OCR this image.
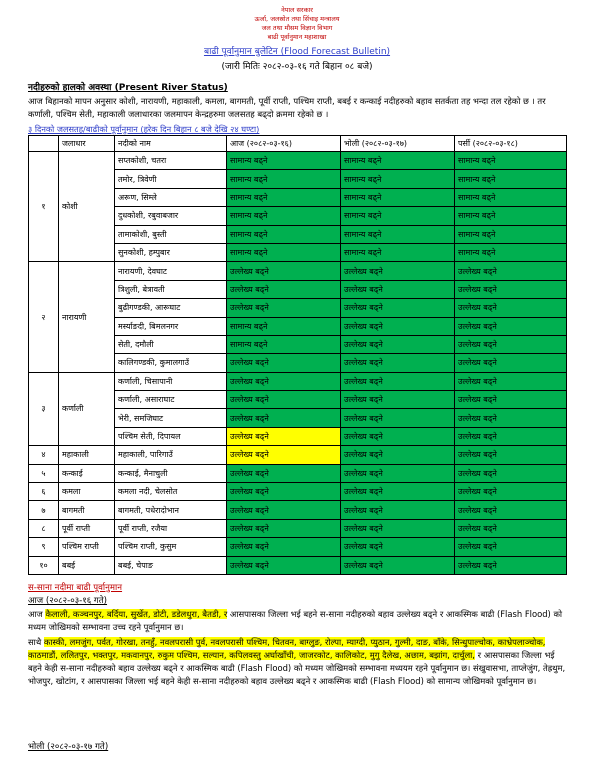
नेपाल सरकार
ऊर्जा, जलस्रोत तथा सिंचाइ मन्त्रालय
जल तथा मौसम विज्ञान विभाग
बाढी पूर्वानुमान महाशाखा
बाढी पूर्वानुमान बुलेटिन (Flood Forecast Bulletin)
(जारी मितिः २०८२-०३-१६ गते बिहान ०८ बजे)
नदीहरुको हालको अवस्था (Present River Status)
आज बिहानको मापन अनुसार कोशी, नारायणी, महाकाली, कमला, बागमती, पूर्वी राप्ती, पश्चिम राप्ती, बबई र कन्काई नदीहरुको बहाव सतर्कता तह भन्दा तल रहेको छ । तर कर्णाली, पश्चिम सेती, महाकाली जलाधारका जलमापन केन्द्रहरुमा जलसतह बढ्दो क्रममा रहेको छ ।
३ दिनको जलसतह/बाढीको पूर्वानुमान (हरेक दिन बिहान ८ बजे देखि २४ घण्टा)
	जलाधार	नदीको नाम	आज (२०८२-०३-१६)	भोली (२०८२-०३-१७)	पर्सी (२०८२-०३-१८)
१	कोशी	सप्तकोशी, चतरा	सामान्य बढ्ने	सामान्य बढ्ने	सामान्य बढ्ने
		तमोर, त्रिवेणी	सामान्य बढ्ने	सामान्य बढ्ने	सामान्य बढ्ने
		अरूण, सिम्ले	सामान्य बढ्ने	सामान्य बढ्ने	सामान्य बढ्ने
		दुधकोशी, रबुवाबजार	सामान्य बढ्ने	सामान्य बढ्ने	सामान्य बढ्ने
		तामाकोशी, बुस्ती	सामान्य बढ्ने	सामान्य बढ्ने	सामान्य बढ्ने
		सुनकोशी, हम्पुबार	सामान्य बढ्ने	सामान्य बढ्ने	सामान्य बढ्ने
२	नारायणी	नारायणी, देवघाट	उल्लेख्य बढ्ने	उल्लेख्य बढ्ने	उल्लेख्य बढ्ने
		त्रिशुली, बेत्रावती	उल्लेख्य बढ्ने	उल्लेख्य बढ्ने	उल्लेख्य बढ्ने
		बुढीगण्डकी, आरूघाट	उल्लेख्य बढ्ने	उल्लेख्य बढ्ने	उल्लेख्य बढ्ने
		मर्स्याङदी, बिमलनगर	सामान्य बढ्ने	उल्लेख्य बढ्ने	उल्लेख्य बढ्ने
		सेती, दमौली	सामान्य बढ्ने	उल्लेख्य बढ्ने	उल्लेख्य बढ्ने
		कालिगण्डकी, कुमालगाउँ	उल्लेख्य बढ्ने	उल्लेख्य बढ्ने	उल्लेख्य बढ्ने
३	कर्णाली	कर्णाली, चिसापानी	उल्लेख्य बढ्ने	उल्लेख्य बढ्ने	उल्लेख्य बढ्ने
		कर्णाली, असाराघाट	उल्लेख्य बढ्ने	उल्लेख्य बढ्ने	उल्लेख्य बढ्ने
		भेरी, समजिघाट	उल्लेख्य बढ्ने	उल्लेख्य बढ्ने	उल्लेख्य बढ्ने
		पश्चिम सेती, दिपायल	उल्लेख्य बढ्ने	उल्लेख्य बढ्ने	उल्लेख्य बढ्ने
४	महाकाली	महाकाली, पारिगाउँ	उल्लेख्य बढ्ने	उल्लेख्य बढ्ने	उल्लेख्य बढ्ने
५	कन्काई	कन्काई, मैनाचुली	उल्लेख्य बढ्ने	उल्लेख्य बढ्ने	उल्लेख्य बढ्ने
६	कमला	कमला नदी, चेलसोत	उल्लेख्य बढ्ने	उल्लेख्य बढ्ने	उल्लेख्य बढ्ने
७	बागमती	बागमती, पधेरादोभान	उल्लेख्य बढ्ने	उल्लेख्य बढ्ने	उल्लेख्य बढ्ने
८	पूर्वी राप्ती	पूर्वी राप्ती, रजैया	उल्लेख्य बढ्ने	उल्लेख्य बढ्ने	उल्लेख्य बढ्ने
९	पश्चिम राप्ती	पश्चिम राप्ती, कुसुम	उल्लेख्य बढ्ने	उल्लेख्य बढ्ने	उल्लेख्य बढ्ने
१०	बबई	बबई, चेपाङ	उल्लेख्य बढ्ने	उल्लेख्य बढ्ने	उल्लेख्य बढ्ने
स-साना नदीमा बाढी पूर्वानुमान
आज (२०८२-०३-१६ गते)
आज कैलाली, कञ्चनपुर, बर्दिया, सुर्खेत, डोटी, डडेलधुरा, बैतडी, र आसपासका जिल्ला भई बहने स-साना नदीहरुको बहाव उल्लेख्य बढ्ने र आकस्मिक बाढी (Flash Flood) को मध्यम जोखिमको सम्भावना उच्च रहने पूर्वानुमान छ।
साथै कास्की, लमजुंग, पर्वत, गोरखा, तनहुँ, नवलपरासी पुर्व, नवलपरासी पश्चिम, चितवन, बाग्लुङ, रोल्पा, म्याग्दी, प्युठान, गुल्मी, दाङ, बाँके, सिन्धुपाल्चोक, काभ्रेपलाञ्चोक, काठमाडौं, ललितपुर, भक्तपुर, मकवानपुर, रुकुम पश्चिम, सल्यान, कपिलवस्तु अर्घाखाँची, जाजरकोट, कालिकोट, मुगु दैलेख, अछाम, बझांग, दार्चुला, र आसपासका जिल्ला भई बहने केही स-साना नदीहरुको बहाव उल्लेख्य बढ्ने र आकस्मिक बाढी (Flash Flood) को मध्यम जोखिमको सम्भावना मध्ययम रहने पूर्वानुमान छ। संखुवासभा, ताप्लेजुंग, तेह्रथुम, भोजपुर, खोटांग, र आसपासका जिल्ला भई बहने केही स-साना नदीहरुको बहाव उल्लेख्य बढ्ने र आकस्मिक बाढी (Flash Flood) को सामान्य जोखिमको पूर्वानुमान छ।
भोली (२०८२-०३-१७ गते)
